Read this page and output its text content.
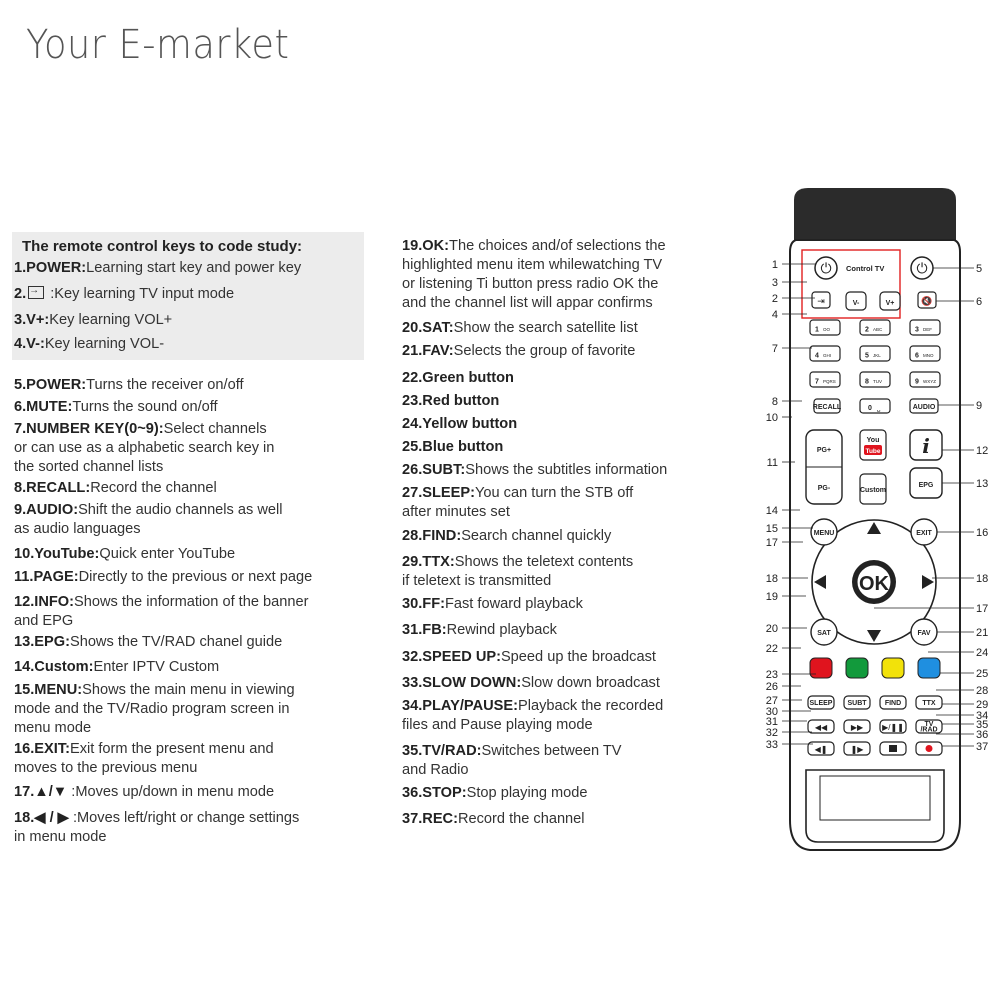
Your E-market
The remote control keys to code study:
1.POWER:Learning start key and power key
2.→ :Key learning TV input mode
3.V+:Key learning VOL+
4.V-:Key learning VOL-
5.POWER:Turns the receiver on/off
6.MUTE:Turns the sound on/off
7.NUMBER KEY(0~9):Select channels
or can use as a alphabetic search key in
the sorted channel lists
8.RECALL:Record the channel
9.AUDIO:Shift the audio channels as well
as audio languages
10.YouTube:Quick enter YouTube
11.PAGE:Directly to the previous or next page
12.INFO:Shows the information of the banner
and EPG
13.EPG:Shows the TV/RAD chanel guide
14.Custom:Enter IPTV Custom
15.MENU:Shows the main menu in viewing
mode and the TV/Radio program screen in
menu mode
16.EXIT:Exit form the present menu and
moves to the previous menu
17.▲/▼ :Moves up/down in menu mode
18.◀ / ▶ :Moves left/right or change settings
in menu mode
19.OK:The choices and/of selections the
highlighted menu item whilewatching TV
or listening Ti button press radio OK the
and the channel list will appar confirms
20.SAT:Show the search satellite list
21.FAV:Selects the group of favorite
22.Green button
23.Red button
24.Yellow button
25.Blue button
26.SUBT:Shows the subtitles information
27.SLEEP:You can turn the STB off
after minutes set
28.FIND:Search channel quickly
29.TTX:Shows the teletext contents
if teletext is transmitted
30.FF:Fast foward playback
31.FB:Rewind playback
32.SPEED UP:Speed up the broadcast
33.SLOW DOWN:Slow down broadcast
34.PLAY/PAUSE:Playback the recorded
files and Pause playing mode
35.TV/RAD:Switches between TV
and Radio
36.STOP:Stop playing mode
37.REC:Record the channel
⏻ Control TV ⏻
⇥	V-	V+	🔇
1 OO	2 ABC	3 DEF
4 GHI	5 JKL	6 MNO
7 PQRS	8 TUV	9 WXYZ
RECALL	0 ⎵	AUDIO
PG+
PG-
You
Tube i
EPG
Custom
OK
MENU	EXIT
SAT	FAV
SLEEP SUBT	FIND	TTX
◀◀	▶▶ ▶/❚❚	TV
/RAD
◀❚	❚▶
1
3
2
4
7
8
10
11
14
15
17
18
19
20
22
23
26
27
30
31
32
33
5
6
9
12
13
16
18
17
21
24
25
28
29
34
35
36
37
